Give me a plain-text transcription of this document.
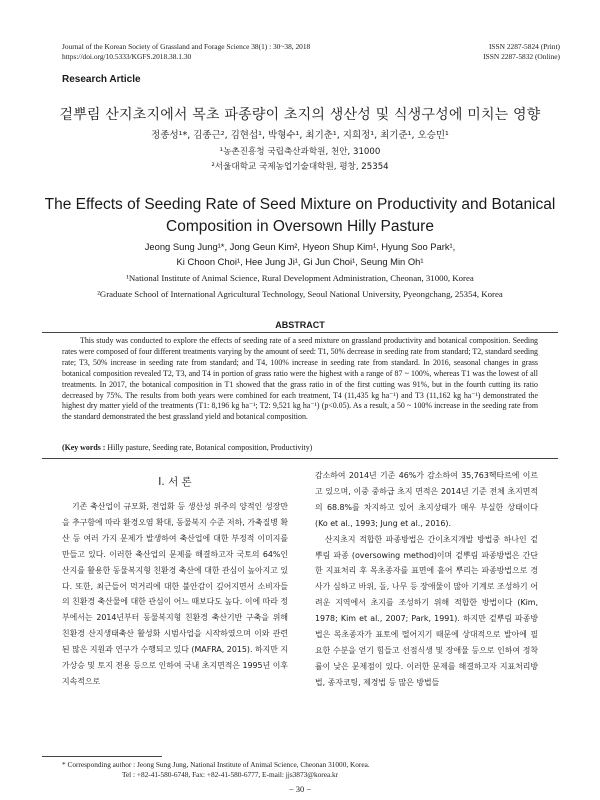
Journal of the Korean Society of Grassland and Forage Science 38(1) : 30~38, 2018
https://doi.org/10.5333/KGFS.2018.38.1.30
ISSN 2287-5824 (Print)
ISSN 2287-5832 (Online)
Research Article
겉뿌림 산지초지에서 목초 파종량이 초지의 생산성 및 식생구성에 미치는 영향
정종성¹*, 김종근², 김현섭¹, 박형수¹, 최기춘¹, 지희정¹, 최기준¹, 오승민¹
¹농촌진흥청 국립축산과학원, 천안, 31000
²서울대학교 국제농업기술대학원, 평창, 25354
The Effects of Seeding Rate of Seed Mixture on Productivity and Botanical
Composition in Oversown Hilly Pasture
Jeong Sung Jung¹*, Jong Geun Kim², Hyeon Shup Kim¹, Hyung Soo Park¹,
Ki Choon Choi¹, Hee Jung Ji¹, Gi Jun Choi¹, Seung Min Oh¹
¹National Institute of Animal Science, Rural Development Administration, Cheonan, 31000, Korea
²Graduate School of International Agricultural Technology, Seoul National University, Pyeongchang, 25354, Korea
ABSTRACT
This study was conducted to explore the effects of seeding rate of a seed mixture on grassland productivity and botanical composition. Seeding rates were composed of four different treatments varying by the amount of seed: T1, 50% decrease in seeding rate from standard; T2, standard seeding rate; T3, 50% increase in seeding rate from standard; and T4, 100% increase in seeding rate from standard. In 2016, seasonal changes in grass botanical composition revealed T2, T3, and T4 in portion of grass ratio were the highest with a range of 87 ~ 100%, whereas T1 was the lowest of all treatments. In 2017, the botanical composition in T1 showed that the grass ratio in of the first cutting was 91%, but in the fourth cutting its ratio decreased by 75%. The results from both years were combined for each treatment, T4 (11,435 kg ha⁻¹) and T3 (11,162 kg ha⁻¹) demonstrated the highest dry matter yield of the treatments (T1: 8,196 kg ha⁻¹; T2: 9,521 kg ha⁻¹) (p<0.05). As a result, a 50 ~ 100% increase in the seeding rate from the standard demonstrated the best grassland yield and botanical composition.
(Key words : Hilly pasture, Seeding rate, Botanical composition, Productivity)
Ⅰ. 서 론

기존 축산업이 규모화, 전업화 등 생산성 위주의 양적인 성장만을 추구함에 따라 환경오염 확대, 동물복지 수준 저하, 가축질병 확산 등 여러 가지 문제가 발생하여 축산업에 대한 부정적 이미지를 만들고 있다. 이러한 축산업의 문제를 해결하고자 국토의 64%인 산지를 활용한 동물복지형 친환경 축산에 대한 관심이 높아지고 있다. 또한, 최근들어 먹거리에 대한 불안감이 깊어지면서 소비자들의 친환경 축산물에 대한 관심이 어느 때보다도 높다. 이에 따라 정부에서는 2014년부터 동물복지형 친환경 축산기반 구축을 위해 친환경 산지생태축산 활성화 시범사업을 시작하였으며 이와 관련된 많은 지원과 연구가 수행되고 있다 (MAFRA, 2015). 하지만 지가상승 및 토지 전용 등으로 인하여 국내 초지면적은 1995년 이후 지속적으로

감소하여 2014년 기준 46%가 감소하여 35,763헥타르에 이르고 있으며, 이중 중하급 초지 면적은 2014년 기준 전체 초지면적의 68.8%를 차지하고 있어 초지상태가 매우 부실한 상태이다 (Ko et al., 1993; Jung et al., 2016).

산지초지 적합한 파종방법은 간이초지개발 방법중 하나인 겉뿌림 파종 (oversowing method)이며 겉뿌림 파종방법은 간단한 지표처리 후 목초종자를 표면에 흩어 뿌리는 파종방법으로 경사가 심하고 바위, 돌, 나무 등 장애물이 많아 기계로 조성하기 어려운 지역에서 초지를 조성하기 위해 적합한 방법이다 (Kim, 1978; Kim et al., 2007; Park, 1991). 하지만 겉뿌림 파종방법은 목초종자가 표토에 떨어지기 때문에 상대적으로 발아에 필요한 수분을 얻기 힘들고 선점식생 및 장애물 등으로 인하여 정착률이 낮은 문제점이 있다. 이러한 문제를 해결하고자 지표처리방법, 종자코팅, 제경법 등 많은 방법들

* Corresponding author : Jeong Sung Jung, National Institute of Animal Science, Cheonan 31000, Korea.
Tel : +82-41-580-6748, Fax: +82-41-580-6777, E-mail: jjs3873@korea.kr
− 30 −
